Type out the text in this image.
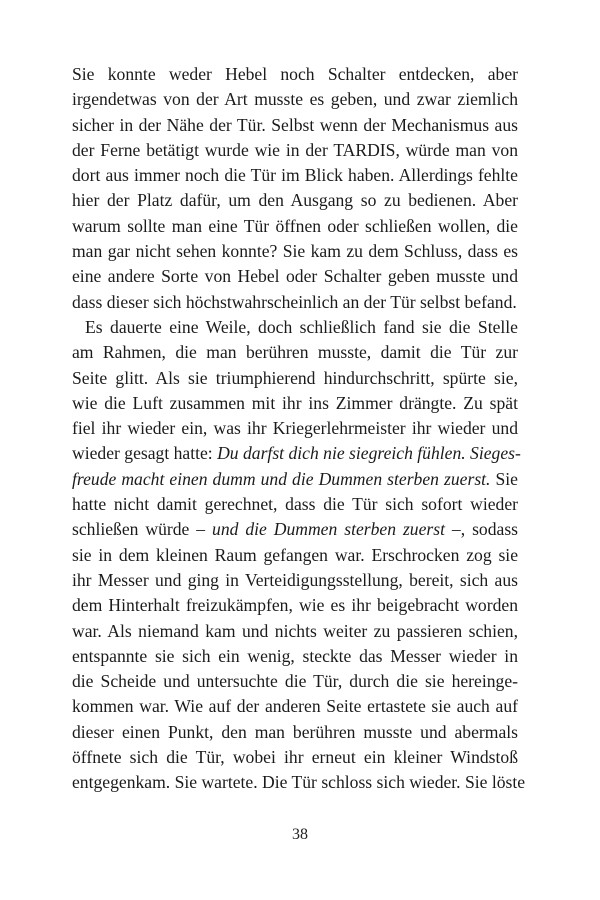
Sie konnte weder Hebel noch Schalter entdecken, aber
irgendetwas von der Art musste es geben, und zwar ziemlich
sicher in der Nähe der Tür. Selbst wenn der Mechanismus aus
der Ferne betätigt wurde wie in der TARDIS, würde man von
dort aus immer noch die Tür im Blick haben. Allerdings fehlte
hier der Platz dafür, um den Ausgang so zu bedienen. Aber
warum sollte man eine Tür öffnen oder schließen wollen, die
man gar nicht sehen konnte? Sie kam zu dem Schluss, dass es
eine andere Sorte von Hebel oder Schalter geben musste und
dass dieser sich höchstwahrscheinlich an der Tür selbst befand.
Es dauerte eine Weile, doch schließlich fand sie die Stelle
am Rahmen, die man berühren musste, damit die Tür zur
Seite glitt. Als sie triumphierend hindurchschritt, spürte sie,
wie die Luft zusammen mit ihr ins Zimmer drängte. Zu spät
fiel ihr wieder ein, was ihr Kriegerlehrmeister ihr wieder und
wieder gesagt hatte: Du darfst dich nie siegreich fühlen. Sieges-
freude macht einen dumm und die Dummen sterben zuerst. Sie
hatte nicht damit gerechnet, dass die Tür sich sofort wieder
schließen würde – und die Dummen sterben zuerst –, sodass
sie in dem kleinen Raum gefangen war. Erschrocken zog sie
ihr Messer und ging in Verteidigungsstellung, bereit, sich aus
dem Hinterhalt freizukämpfen, wie es ihr beigebracht worden
war. Als niemand kam und nichts weiter zu passieren schien,
entspannte sie sich ein wenig, steckte das Messer wieder in
die Scheide und untersuchte die Tür, durch die sie hereinge-
kommen war. Wie auf der anderen Seite ertastete sie auch auf
dieser einen Punkt, den man berühren musste und abermals
öffnete sich die Tür, wobei ihr erneut ein kleiner Windstoß
entgegenkam. Sie wartete. Die Tür schloss sich wieder. Sie löste
38
